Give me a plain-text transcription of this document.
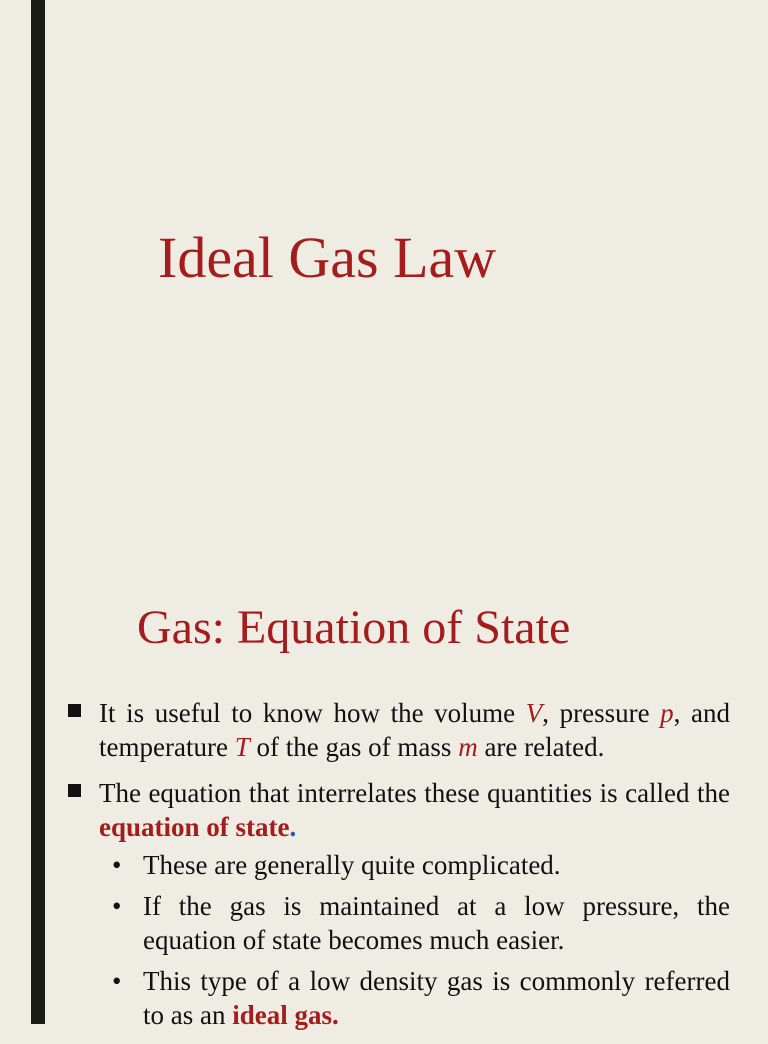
Ideal Gas Law
Gas: Equation of State
It is useful to know how the volume V, pressure p, and temperature T of the gas of mass m are related.
The equation that interrelates these quantities is called the equation of state.
• These are generally quite complicated.
• If the gas is maintained at a low pressure, the equation of state becomes much easier.
• This type of a low density gas is commonly referred to as an ideal gas.
